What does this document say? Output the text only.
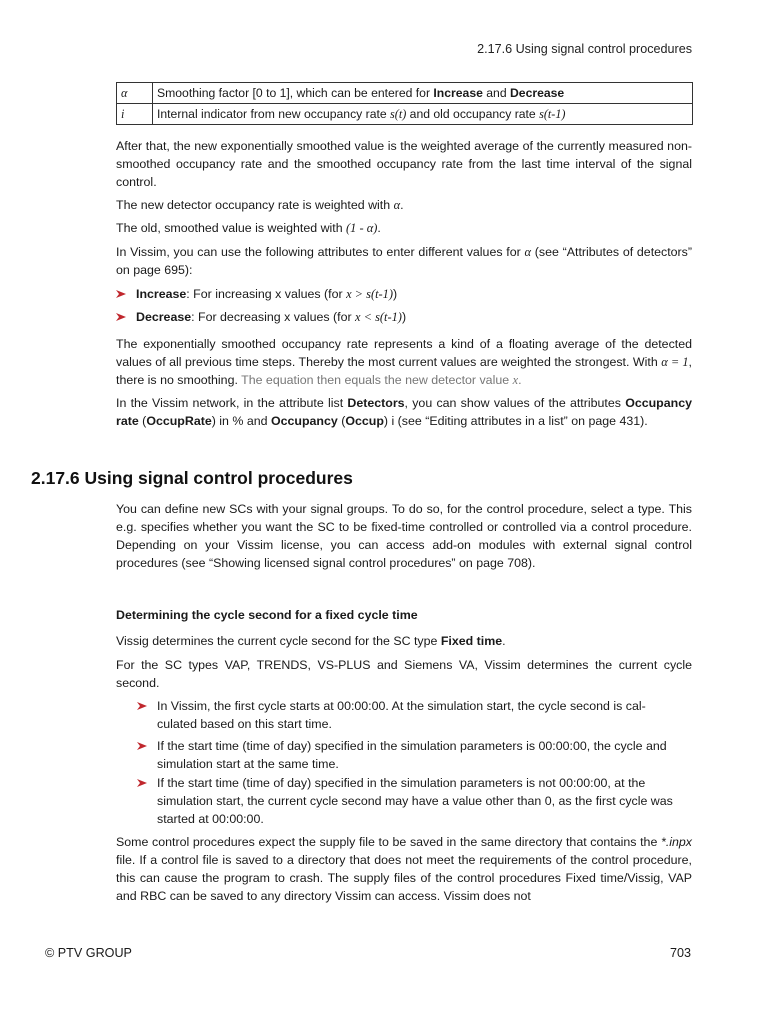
2.17.6 Using signal control procedures
α	Smoothing factor [0 to 1], which can be entered for Increase and Decrease
i	Internal indicator from new occupancy rate s(t) and old occupancy rate s(t-1)

After that, the new exponentially smoothed value is the weighted average of the currently measured non-smoothed occupancy rate and the smoothed occupancy rate from the last time interval of the signal control.

The new detector occupancy rate is weighted with α.

The old, smoothed value is weighted with (1 - α).

In Vissim, you can use the following attributes to enter different values for α (see “Attributes of detectors” on page 695):

Increase: For increasing x values (for x > s(t-1))
Decrease: For decreasing x values (for x < s(t-1))

The exponentially smoothed occupancy rate represents a kind of a floating average of the detected values of all previous time steps. Thereby the most current values are weighted the strongest. With α = 1, there is no smoothing. The equation then equals the new detector value x.

In the Vissim network, in the attribute list Detectors, you can show values of the attributes Occupancy rate (OccupRate) in % and Occupancy (Occup) i (see “Editing attributes in a list” on page 431).

2.17.6 Using signal control procedures

You can define new SCs with your signal groups. To do so, for the control procedure, select a type. This e.g. specifies whether you want the SC to be fixed-time controlled or controlled via a control procedure. Depending on your Vissim license, you can access add-on modules with external signal control procedures (see “Showing licensed signal control procedures” on page 708).

Determining the cycle second for a fixed cycle time

Vissig determines the current cycle second for the SC type Fixed time.

For the SC types VAP, TRENDS, VS-PLUS and Siemens VA, Vissim determines the current cycle second.

In Vissim, the first cycle starts at 00:00:00. At the simulation start, the cycle second is cal-culated based on this start time.
If the start time (time of day) specified in the simulation parameters is 00:00:00, the cycle and simulation start at the same time.
If the start time (time of day) specified in the simulation parameters is not 00:00:00, at the simulation start, the current cycle second may have a value other than 0, as the first cycle was started at 00:00:00.

Some control procedures expect the supply file to be saved in the same directory that contains the *.inpx file. If a control file is saved to a directory that does not meet the requirements of the control procedure, this can cause the program to crash. The supply files of the control procedures Fixed time/Vissig, VAP and RBC can be saved to any directory Vissim can access. Vissim does not

© PTV GROUP	703
